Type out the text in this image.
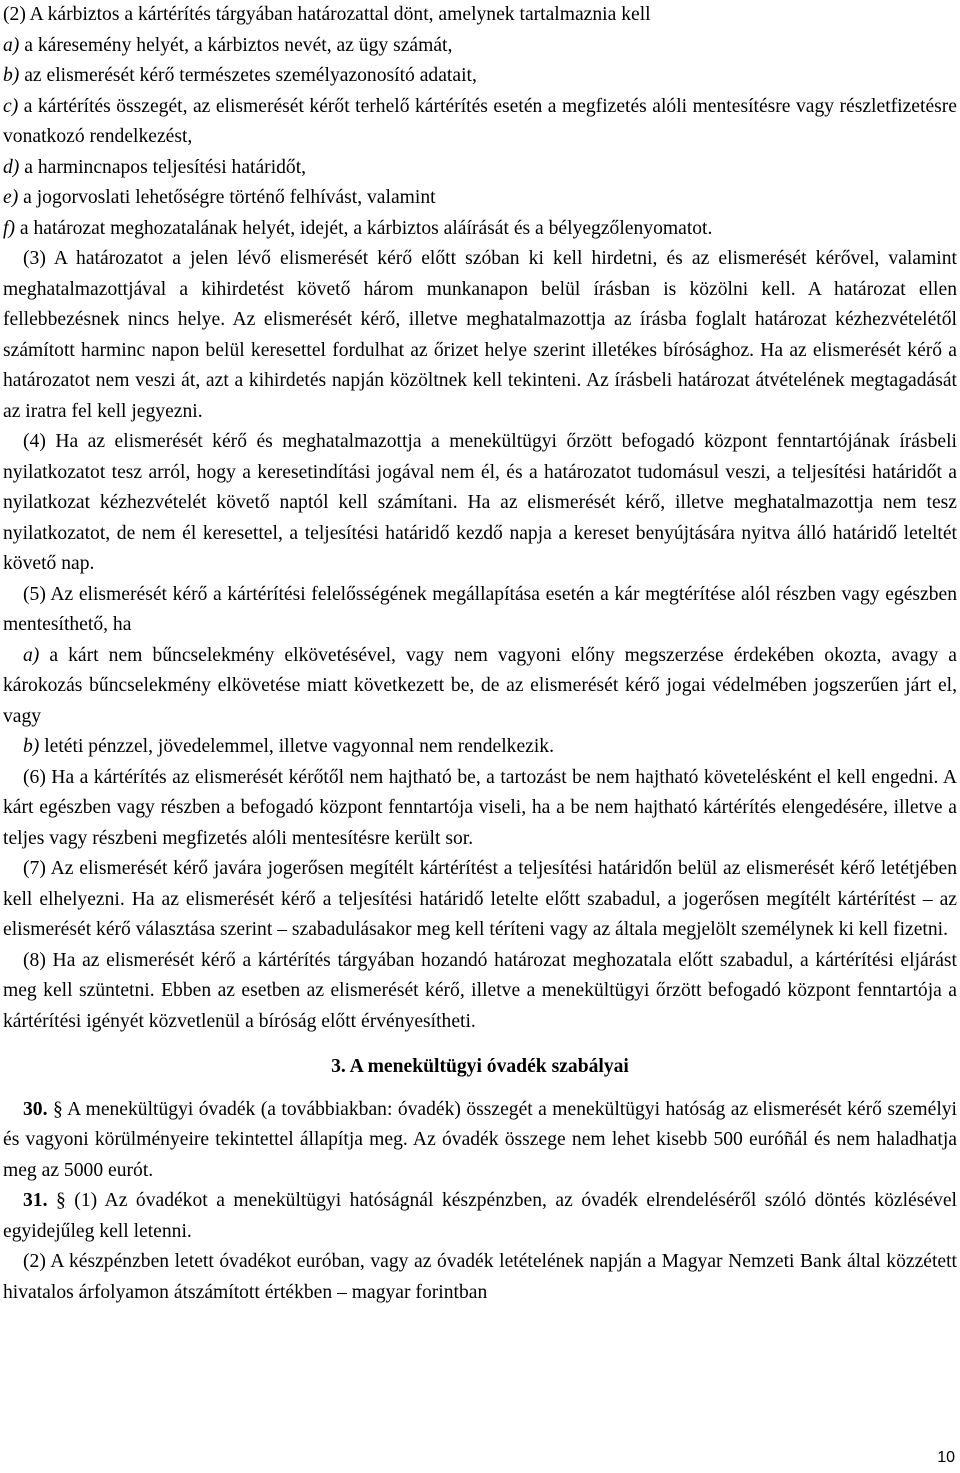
(2) A kárbiztos a kártérítés tárgyában határozattal dönt, amelynek tartalmaznia kell

a) a káresemény helyét, a kárbiztos nevét, az ügy számát,

b) az elismerését kérő természetes személyazonosító adatait,

c) a kártérítés összegét, az elismerését kérőt terhelő kártérítés esetén a megfizetés alóli mentesítésre vagy részletfizetésre vonatkozó rendelkezést,

d) a harmincnapos teljesítési határidőt,

e) a jogorvoslati lehetőségre történő felhívást, valamint

f) a határozat meghozatalának helyét, idejét, a kárbiztos aláírását és a bélyegzőlenyomatot.

(3) A határozatot a jelen lévő elismerését kérő előtt szóban ki kell hirdetni, és az elismerését kérővel, valamint meghatalmazottjával a kihirdetést követő három munkanapon belül írásban is közölni kell. A határozat ellen fellebbezésnek nincs helye. Az elismerését kérő, illetve meghatalmazottja az írásba foglalt határozat kézhezvételétől számított harminc napon belül keresettel fordulhat az őrizet helye szerint illetékes bírósághoz. Ha az elismerését kérő a határozatot nem veszi át, azt a kihirdetés napján közöltnek kell tekinteni. Az írásbeli határozat átvételének megtagadását az iratra fel kell jegyezni.

(4) Ha az elismerését kérő és meghatalmazottja a menekültügyi őrzött befogadó központ fenntartójának írásbeli nyilatkozatot tesz arról, hogy a keresetindítási jogával nem él, és a határozatot tudomásul veszi, a teljesítési határidőt a nyilatkozat kézhezvételét követő naptól kell számítani. Ha az elismerését kérő, illetve meghatalmazottja nem tesz nyilatkozatot, de nem él keresettel, a teljesítési határidő kezdő napja a kereset benyújtására nyitva álló határidő leteltét követő nap.

(5) Az elismerését kérő a kártérítési felelősségének megállapítása esetén a kár megtérítése alól részben vagy egészben mentesíthető, ha

a) a kárt nem bűncselekmény elkövetésével, vagy nem vagyoni előny megszerzése érdekében okozta, avagy a károkozás bűncselekmény elkövetése miatt következett be, de az elismerését kérő jogai védelmében jogszerűen járt el, vagy

b) letéti pénzzel, jövedelemmel, illetve vagyonnal nem rendelkezik.

(6) Ha a kártérítés az elismerését kérőtől nem hajtható be, a tartozást be nem hajtható követelésként el kell engedni. A kárt egészben vagy részben a befogadó központ fenntartója viseli, ha a be nem hajtható kártérítés elengedésére, illetve a teljes vagy részbeni megfizetés alóli mentesítésre került sor.

(7) Az elismerését kérő javára jogerősen megítélt kártérítést a teljesítési határidőn belül az elismerését kérő letétjében kell elhelyezni. Ha az elismerését kérő a teljesítési határidő letelte előtt szabadul, a jogerősen megítélt kártérítést – az elismerését kérő választása szerint – szabadulásakor meg kell téríteni vagy az általa megjelölt személynek ki kell fizetni.

(8) Ha az elismerését kérő a kártérítés tárgyában hozandó határozat meghozatala előtt szabadul, a kártérítési eljárást meg kell szüntetni. Ebben az esetben az elismerését kérő, illetve a menekültügyi őrzött befogadó központ fenntartója a kártérítési igényét közvetlenül a bíróság előtt érvényesítheti.

3. A menekültügyi óvadék szabályai

30. § A menekültügyi óvadék (a továbbiakban: óvadék) összegét a menekültügyi hatóság az elismerését kérő személyi és vagyoni körülményeire tekintettel állapítja meg. Az óvadék összege nem lehet kisebb 500 euróñál és nem haladhatja meg az 5000 eurót.

31. § (1) Az óvadékot a menekültügyi hatóságnál készpénzben, az óvadék elrendeléséről szóló döntés közlésével egyidejűleg kell letenni.

(2) A készpénzben letett óvadékot euróban, vagy az óvadék letételének napján a Magyar Nemzeti Bank által közzétett hivatalos árfolyamon átszámított értékben – magyar forintban

10
